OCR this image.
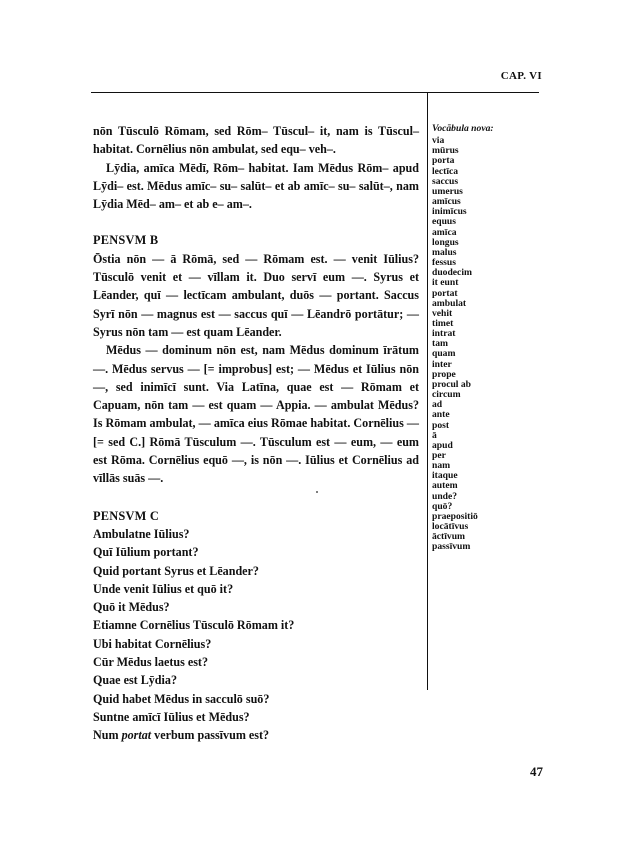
CAP. VI

nōn Tūsculō Rōmam, sed Rōm– Tūscul– it, nam is Tūscul– habitat. Cornēlius nōn ambulat, sed equ– veh–.

Lȳdia, amīca Mēdī, Rōm– habitat. Iam Mēdus Rōm– apud Lȳdi– est. Mēdus amīc– su– salūt– et ab amīc– su– salūt–, nam Lȳdia Mēd– am– et ab e– am–.

PENSVM B

Ōstia nōn — ā Rōmā, sed — Rōmam est. — venit Iūlius? Tūsculō venit et — vīllam it. Duo servī eum —. Syrus et Lēander, quī — lectīcam ambulant, duōs — portant. Saccus Syrī nōn — magnus est — saccus quī — Lēandrō portātur; — Syrus nōn tam — est quam Lēander.

Mēdus — dominum nōn est, nam Mēdus dominum īrātum —. Mēdus servus — [= improbus] est; — Mēdus et Iūlius nōn —, sed inimīcī sunt. Via Latīna, quae est — Rōmam et Capuam, nōn tam — est quam — Appia. — ambulat Mēdus? Is Rōmam ambulat, — amīca eius Rōmae habitat. Cornēlius — [= sed C.] Rōmā Tūsculum —. Tūsculum est — eum, — eum est Rōma. Cornēlius equō —, is nōn —. Iūlius et Cornēlius ad vīllās suās —.

PENSVM C
Ambulatne Iūlius?
Quī Iūlium portant?
Quid portant Syrus et Lēander?
Unde venit Iūlius et quō it?
Quō it Mēdus?
Etiamne Cornēlius Tūsculō Rōmam it?
Ubi habitat Cornēlius?
Cūr Mēdus laetus est?
Quae est Lȳdia?
Quid habet Mēdus in sacculō suō?
Suntne amīcī Iūlius et Mēdus?
Num portat verbum passīvum est?
Vocābula nova:
via
mūrus
porta
lectīca
saccus
umerus
amīcus
inimīcus
equus
amīca
longus
malus
fessus
duodecim
it eunt
portat
ambulat
vehit
timet
intrat
tam
quam
inter
prope
procul ab
circum
ad
ante
post
ā
apud
per
nam
itaque
autem
unde?
quō?
praepositiō
locātīvus
āctīvum
passīvum
47
